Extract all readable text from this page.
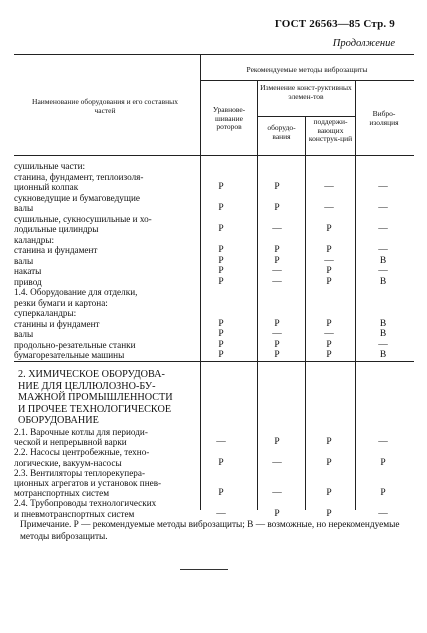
ГОСТ 26563—85 Стр. 9
Продолжение
Наименование оборудования и его составных частей
Рекомендуемые методы виброзащиты
Уравнове-шивание роторов
Изменение конст-руктивных элемен-тов
оборудо-вания
поддержи-вающих конструк-ций
Вибро-изоляция
сушильные части:
станина, фундамент, теплоизоля-
ционный колпак	Р	Р	—	—
сукноведущие и бумаговедущие
валы	Р	Р	—	—
сушильные, сукносушильные и хо-
лодильные цилиндры	Р	—	Р	—
каландры:
станина и фундамент	Р	Р	Р	—
валы	Р	Р	—	В
накаты	Р	—	Р	—
привод	Р	—	Р	В
1.4. Оборудование для отделки,
резки бумаги и картона:
суперкаландры:
станины и фундамент	Р	Р	Р	В
валы	Р	—	—	В
продольно-резательные станки	Р	Р	Р	—
бумагорезательные машины	Р	Р	Р	В
2. ХИМИЧЕСКОЕ ОБОРУДОВА-
НИЕ ДЛЯ ЦЕЛЛЮЛОЗНО-БУ-
МАЖНОЙ ПРОМЫШЛЕННОСТИ
И ПРОЧЕЕ ТЕХНОЛОГИЧЕСКОЕ
ОБОРУДОВАНИЕ
2.1. Варочные котлы для периоди-
ческой и непрерывной варки	—	Р	Р	—
2.2. Насосы центробежные, техно-
логические, вакуум-насосы	Р	—	Р	Р
2.3. Вентиляторы теплорекупера-
ционных агрегатов и установок пнев-
мотранспортных систем	Р	—	Р	Р
2.4. Трубопроводы технологических
и пневмотранспортных систем	—	Р	Р	—
Примечание. Р — рекомендуемые методы виброзащиты; В — возможные, но нерекомендуемые методы виброзащиты.
